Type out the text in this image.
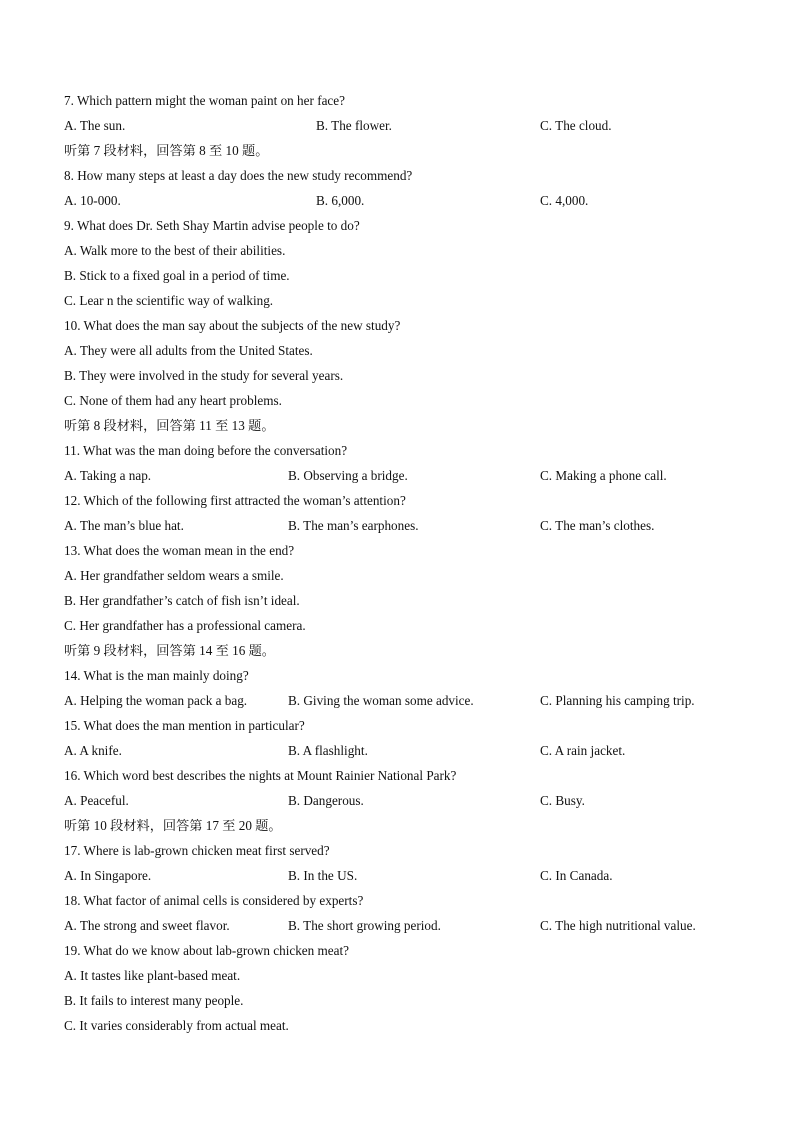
7. Which pattern might the woman paint on her face?
A. The sun.	B. The flower.	C. The cloud.
听第 7 段材料，回答第 8 至 10 题。
8. How many steps at least a day does the new study recommend?
A. 10-000.	B. 6,000.	C. 4,000.
9. What does Dr. Seth Shay Martin advise people to do?
A. Walk more to the best of their abilities.
B. Stick to a fixed goal in a period of time.
C. Lear n the scientific way of walking.
10. What does the man say about the subjects of the new study?
A. They were all adults from the United States.
B. They were involved in the study for several years.
C. None of them had any heart problems.
听第 8 段材料，回答第 11 至 13 题。
11. What was the man doing before the conversation?
A. Taking a nap.	B. Observing a bridge.	C. Making a phone call.
12. Which of the following first attracted the woman’s attention?
A. The man’s blue hat.	B. The man’s earphones.	C. The man’s clothes.
13. What does the woman mean in the end?
A. Her grandfather seldom wears a smile.
B. Her grandfather’s catch of fish isn’t ideal.
C. Her grandfather has a professional camera.
听第 9 段材料，回答第 14 至 16 题。
14. What is the man mainly doing?
A. Helping the woman pack a bag.	B. Giving the woman some advice.	C. Planning his camping trip.
15. What does the man mention in particular?
A. A knife.	B. A flashlight.	C. A rain jacket.
16. Which word best describes the nights at Mount Rainier National Park?
A. Peaceful.	B. Dangerous.	C. Busy.
听第 10 段材料，回答第 17 至 20 题。
17. Where is lab-grown chicken meat first served?
A. In Singapore.	B. In the US.	C. In Canada.
18. What factor of animal cells is considered by experts?
A. The strong and sweet flavor.	B. The short growing period.	C. The high nutritional value.
19. What do we know about lab-grown chicken meat?
A. It tastes like plant-based meat.
B. It fails to interest many people.
C. It varies considerably from actual meat.
